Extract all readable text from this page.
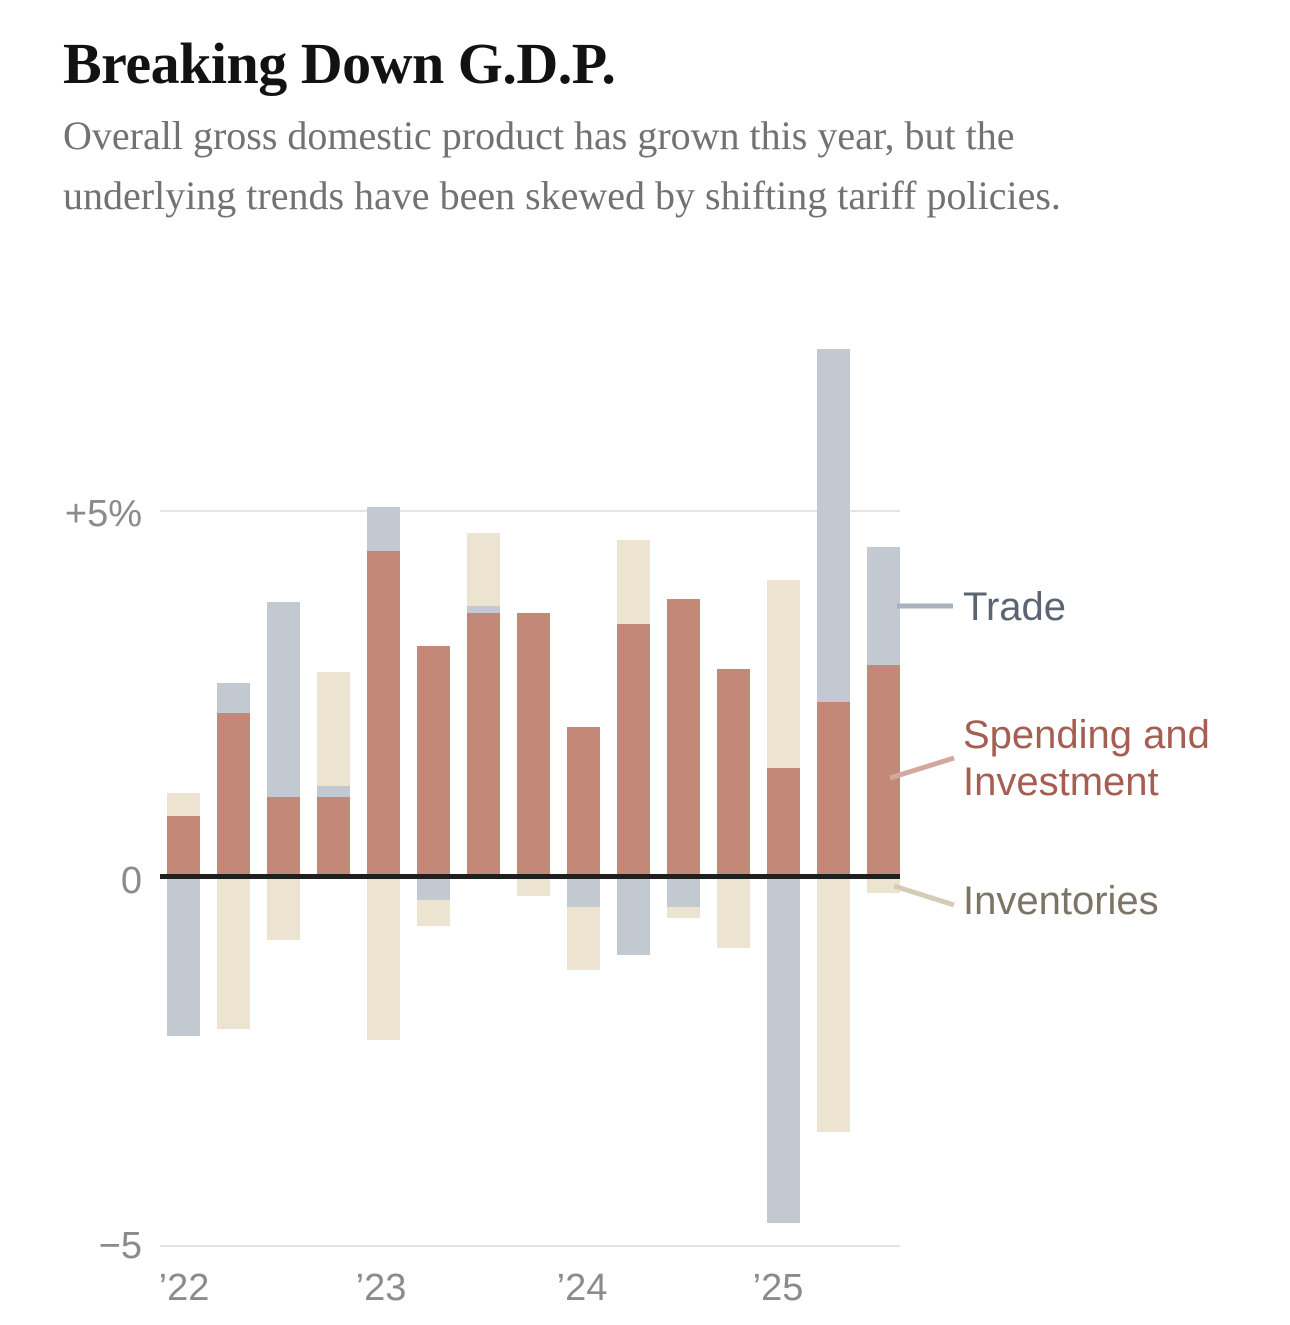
Breaking Down G.D.P.

Overall gross domestic product has grown this year, but the underlying trends have been skewed by shifting tariff policies.

+5%
0
−5
’22	’23	’24	’25
Trade
Spending and Investment
Inventories
